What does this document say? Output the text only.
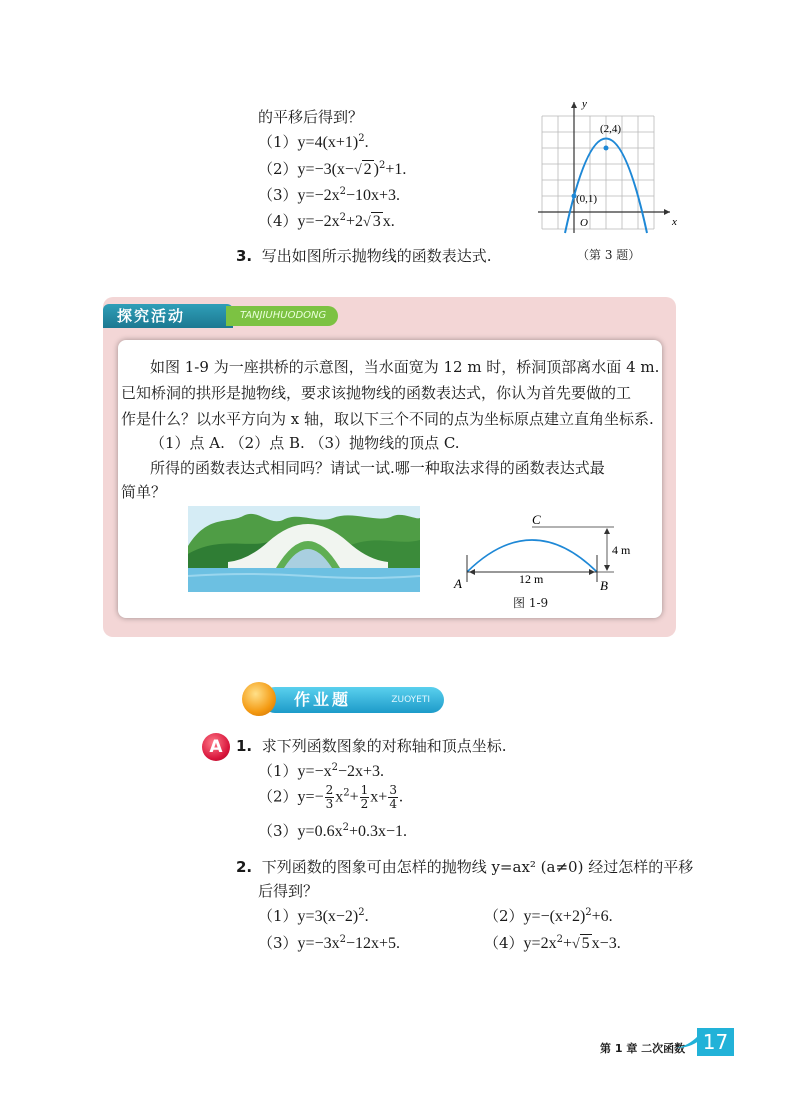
的平移后得到？
$(1)y=4(x+1)^2$.
（2）y=−3(x−√ 2 )$^2$+1.
$(3)y=-2x^2-10x+3$.
$(4)y=-2x^2+2√$ 3 x.
3. 写出如图所示抛物线的函数表达式.
y
x
O
(2,4)
(0,1)
（第 3 题）
探究活动	TANJIUHUODONG
如图 1-9 为一座拱桥的示意图，当水面宽为 12 m 时，桥洞顶部离水面 4 m.
已知桥洞的拱形是抛物线，要求该抛物线的函数表达式，你认为首先要做的工
作是什么？以水平方向为 x 轴，取以下三个不同的点为坐标原点建立直角坐标系.
（1）点 A. （2）点 B. （3）抛物线的顶点 C.
所得的函数表达式相同吗？请试一试.哪一种取法求得的函数表达式最
简单？
C
A	B
4 m
12 m
图 1-9
作业题	ZUOYETI
A 1. 求下列函数图象的对称轴和顶点坐标.
$(1)y=-x^2-2x+3$.
$(2)y=- \frac{2}{3} x^2+ \frac{1}{2} x+ \frac{3}{4}$ .
$(3)y=0.6x^2+0.3x-1$.
2. 下列函数的图象可由怎样的抛物线 y=ax² (a≠0) 经过怎样的平移
后得到？
$(1)y=3(x-2)^2$.	$(2)y=-(x+2)^2+6$.
$(3)y=-3x^2-12x+5$.	$(4)y=2x^2+√$ 5 x−3.
第 1 章 二次函数 17
